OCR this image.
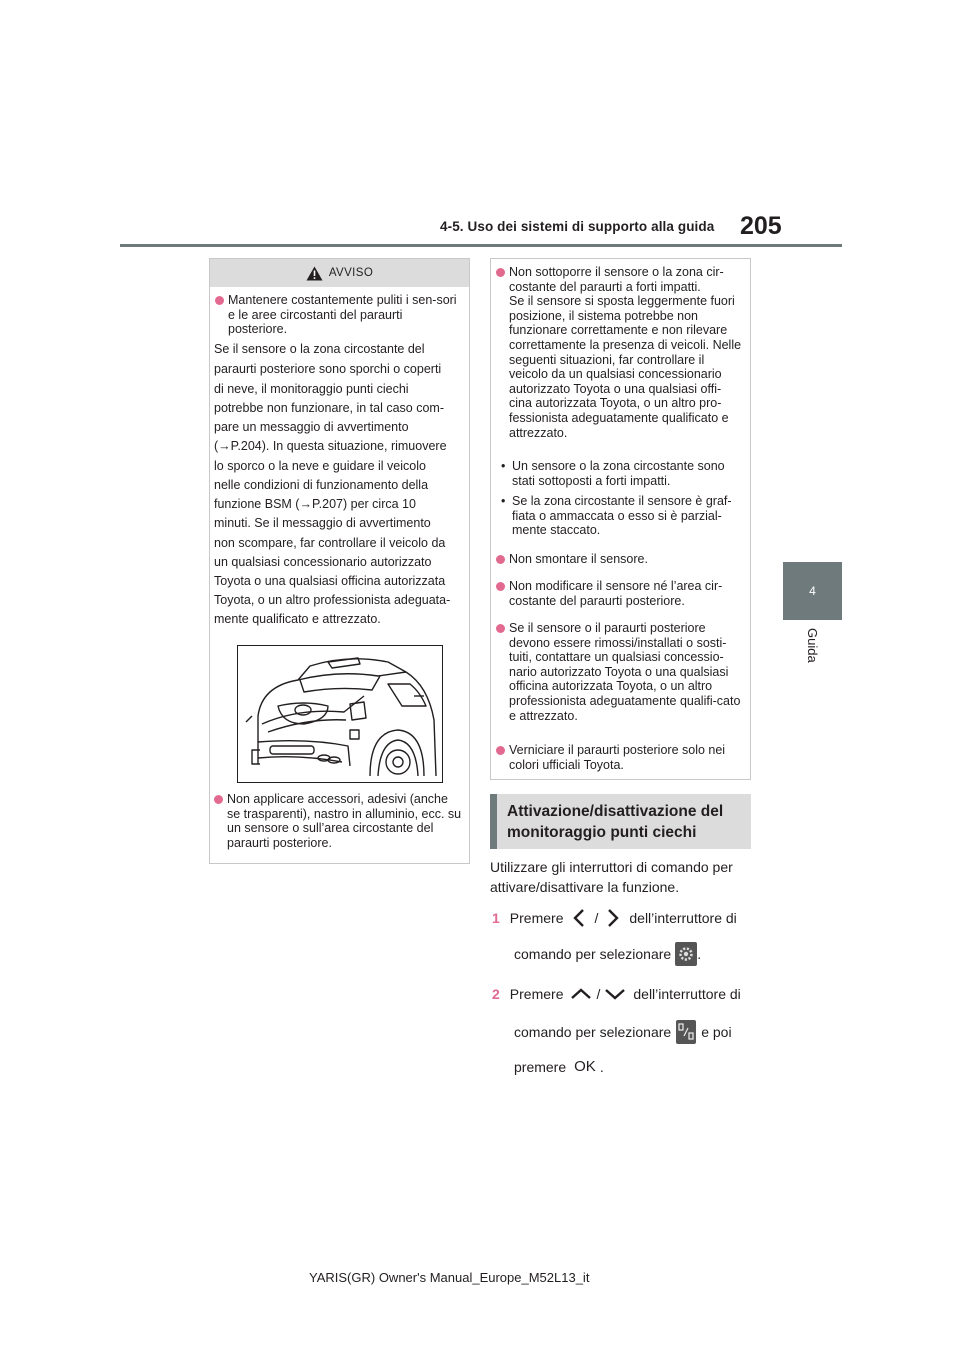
4-5. Uso dei sistemi di supporto alla guida 205
4
Guida
AVVISO
Mantenere costantemente puliti i sen-sori e le aree circostanti del paraurti posteriore.
Se il sensore o la zona circostante del
paraurti posteriore sono sporchi o coperti
di neve, il monitoraggio punti ciechi
potrebbe non funzionare, in tal caso com-
pare un messaggio di avvertimento
(→P.204). In questa situazione, rimuovere
lo sporco o la neve e guidare il veicolo
nelle condizioni di funzionamento della
funzione BSM (→P.207) per circa 10
minuti. Se il messaggio di avvertimento
non scompare, far controllare il veicolo da
un qualsiasi concessionario autorizzato
Toyota o una qualsiasi officina autorizzata
Toyota, o un altro professionista adeguata-
mente qualificato e attrezzato.
Non applicare accessori, adesivi (anche se trasparenti), nastro in alluminio, ecc. su un sensore o sull’area circostante del paraurti posteriore.
Non sottoporre il sensore o la zona cir-costante del paraurti a forti impatti.
Se il sensore si sposta leggermente fuori posizione, il sistema potrebbe non funzionare correttamente e non rilevare correttamente la presenza di veicoli. Nelle seguenti situazioni, far controllare il veicolo da un qualsiasi concessionario autorizzato Toyota o una qualsiasi offi-cina autorizzata Toyota, o un altro pro-fessionista adeguatamente qualificato e attrezzato.
• Un sensore o la zona circostante sono stati sottoposti a forti impatti.
• Se la zona circostante il sensore è graf-fiata o ammaccata o esso si è parzial-mente staccato.
Non smontare il sensore.
Non modificare il sensore né l’area cir-costante del paraurti posteriore.
Se il sensore o il paraurti posteriore devono essere rimossi/installati o sosti-tuiti, contattare un qualsiasi concessio-nario autorizzato Toyota o una qualsiasi officina autorizzata Toyota, o un altro professionista adeguatamente qualifi-cato e attrezzato.
Verniciare il paraurti posteriore solo nei colori ufficiali Toyota.
Attivazione/disattivazione del
monitoraggio punti ciechi
Utilizzare gli interruttori di comando per
attivare/disattivare la funzione.
1 Premere / dell’interruttore di
comando per selezionare .
2 Premere / dell’interruttore di
comando per selezionare e poi
premere OK .
YARIS(GR) Owner's Manual_Europe_M52L13_it
